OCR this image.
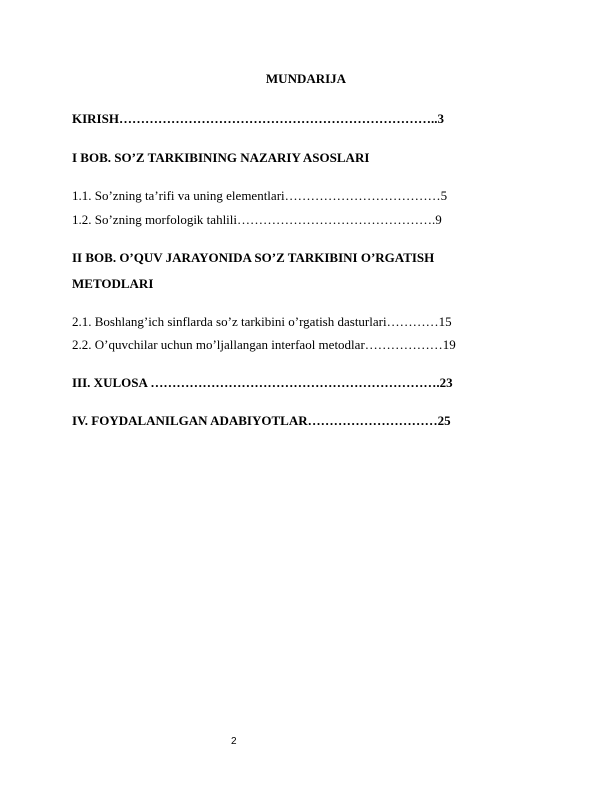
MUNDARIJA
KIRISH………………………………………………………………..3
I BOB. SO’Z TARKIBINING NAZARIY ASOSLARI
1.1. So’zning ta’rifi va uning elementlari………………………………5
1.2. So’zning morfologik tahlili……………………………………….9
II BOB. O’QUV JARAYONIDA SO’Z TARKIBINI O’RGATISH
METODLARI
2.1. Boshlang’ich sinflarda so’z tarkibini o’rgatish dasturlari…………15
2.2. O’quvchilar uchun mo’ljallangan interfaol metodlar………………19
III. XULOSA ………………………………………………………….23
IV. FOYDALANILGAN ADABIYOTLAR…………………………25
2
